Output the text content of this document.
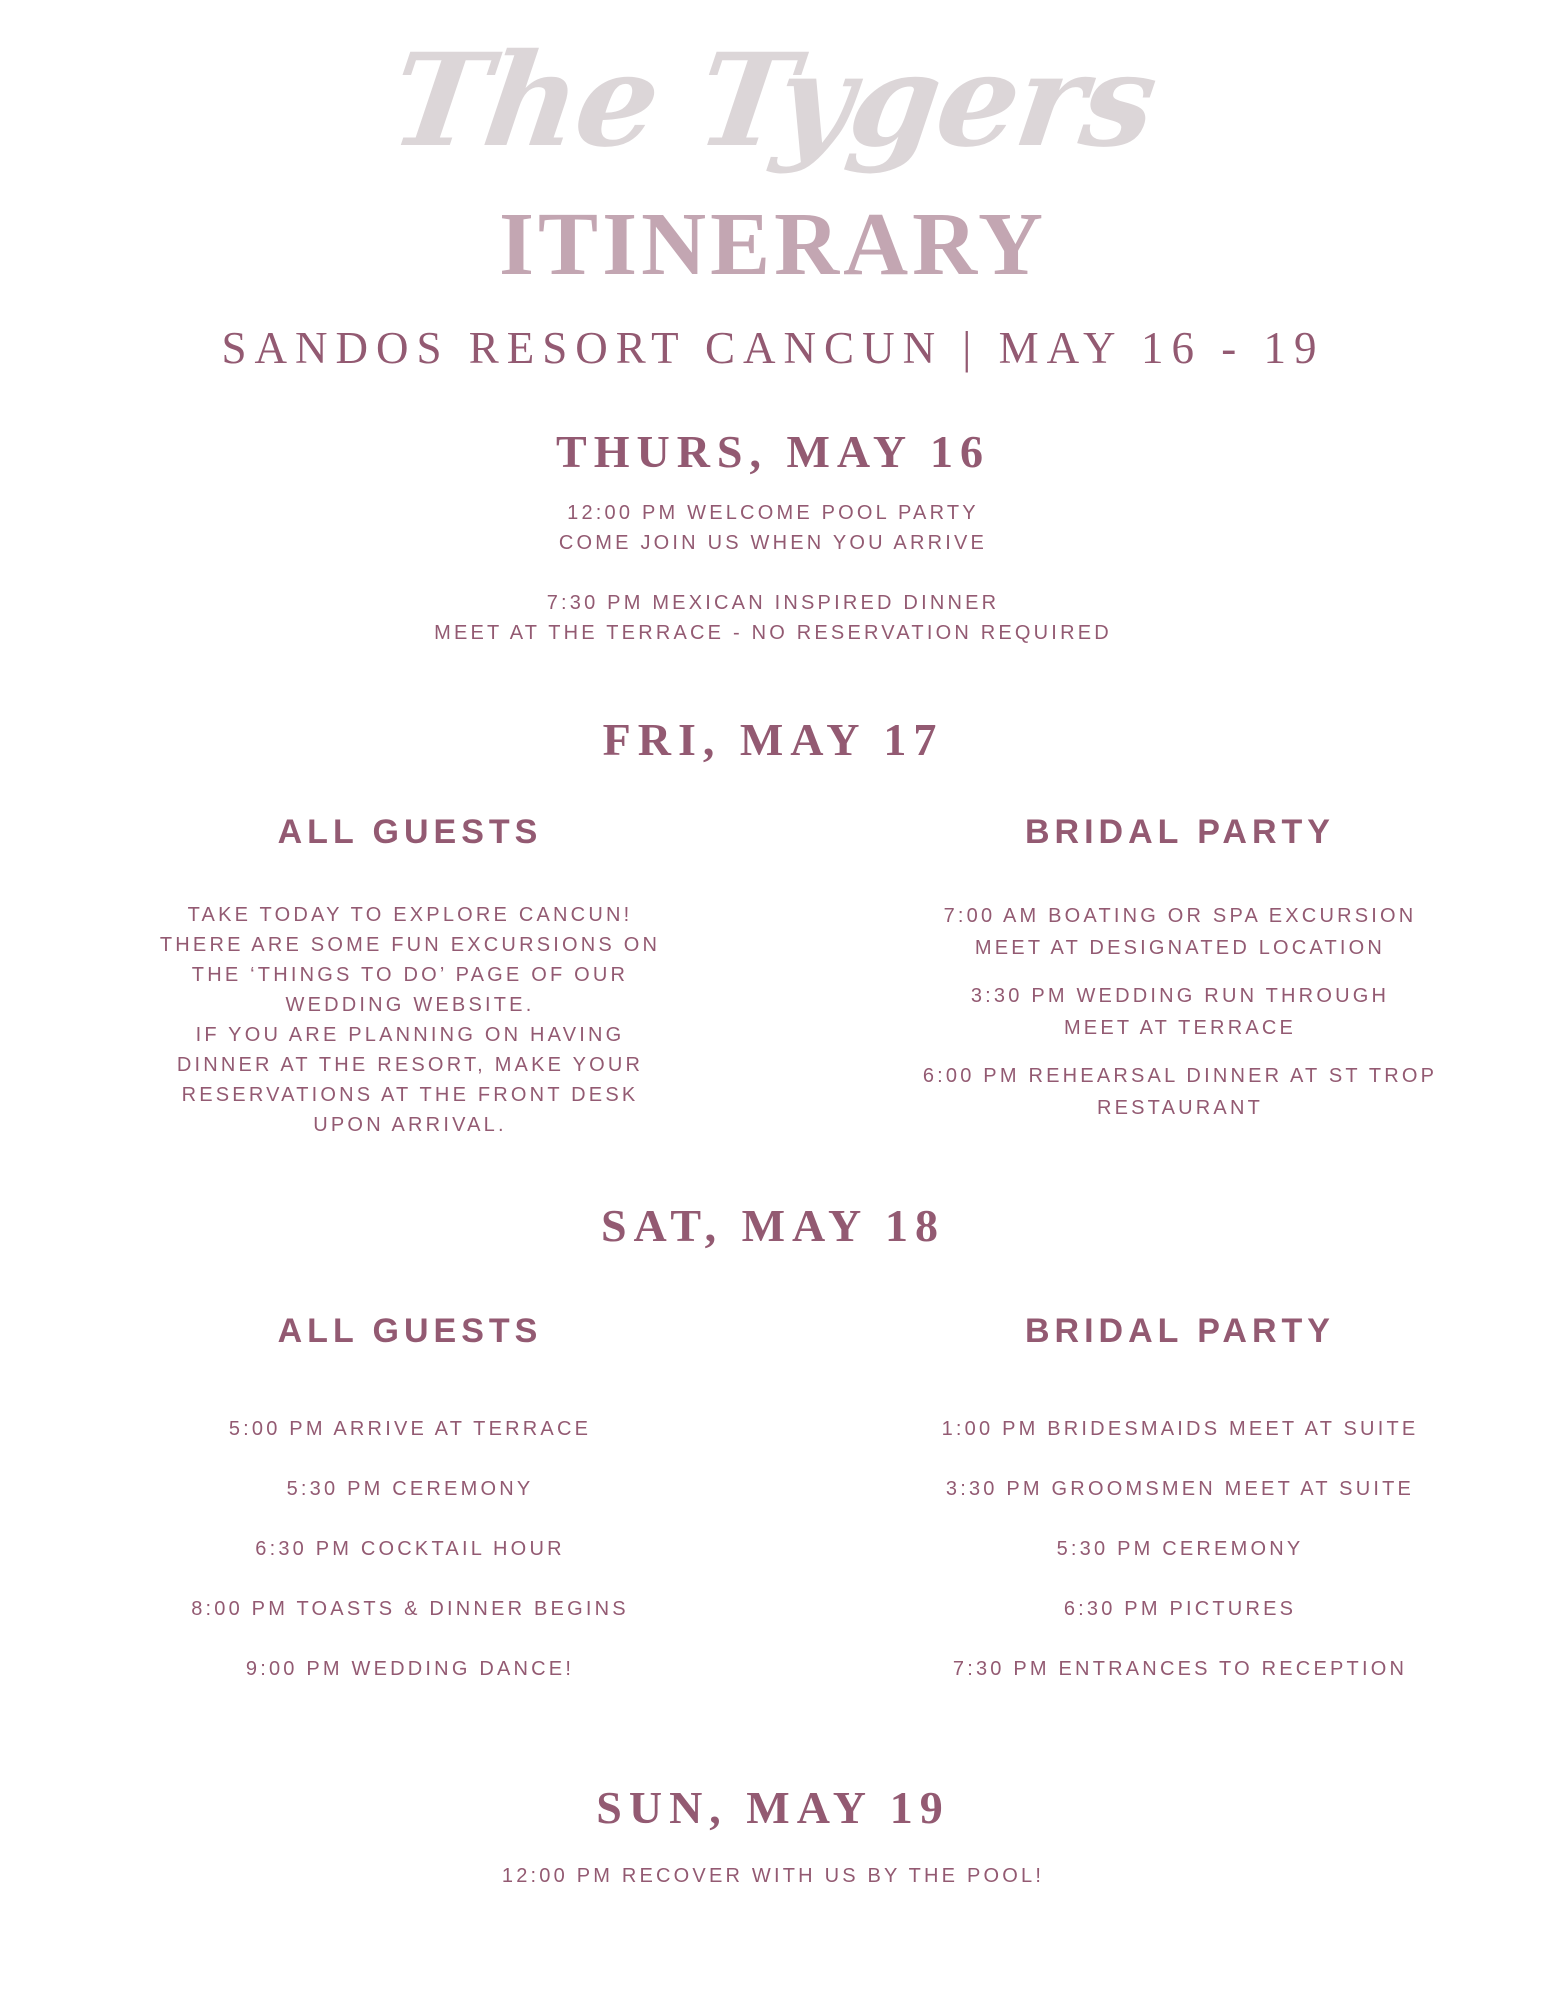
The Tygers
ITINERARY
SANDOS RESORT CANCUN | MAY 16 - 19
THURS, MAY 16
12:00 PM WELCOME POOL PARTY
COME JOIN US WHEN YOU ARRIVE
7:30 PM MEXICAN INSPIRED DINNER
MEET AT THE TERRACE - NO RESERVATION REQUIRED
FRI, MAY 17
ALL GUESTS
TAKE TODAY TO EXPLORE CANCUN!
THERE ARE SOME FUN EXCURSIONS ON
THE ‘THINGS TO DO’ PAGE OF OUR
WEDDING WEBSITE.
IF YOU ARE PLANNING ON HAVING
DINNER AT THE RESORT, MAKE YOUR
RESERVATIONS AT THE FRONT DESK
UPON ARRIVAL.
BRIDAL PARTY
7:00 AM BOATING OR SPA EXCURSION
MEET AT DESIGNATED LOCATION
3:30 PM WEDDING RUN THROUGH
MEET AT TERRACE
6:00 PM REHEARSAL DINNER AT ST TROP
RESTAURANT
SAT, MAY 18
ALL GUESTS
5:00 PM ARRIVE AT TERRACE
5:30 PM CEREMONY
6:30 PM COCKTAIL HOUR
8:00 PM TOASTS & DINNER BEGINS
9:00 PM WEDDING DANCE!
BRIDAL PARTY
1:00 PM BRIDESMAIDS MEET AT SUITE
3:30 PM GROOMSMEN MEET AT SUITE
5:30 PM CEREMONY
6:30 PM PICTURES
7:30 PM ENTRANCES TO RECEPTION
SUN, MAY 19
12:00 PM RECOVER WITH US BY THE POOL!
